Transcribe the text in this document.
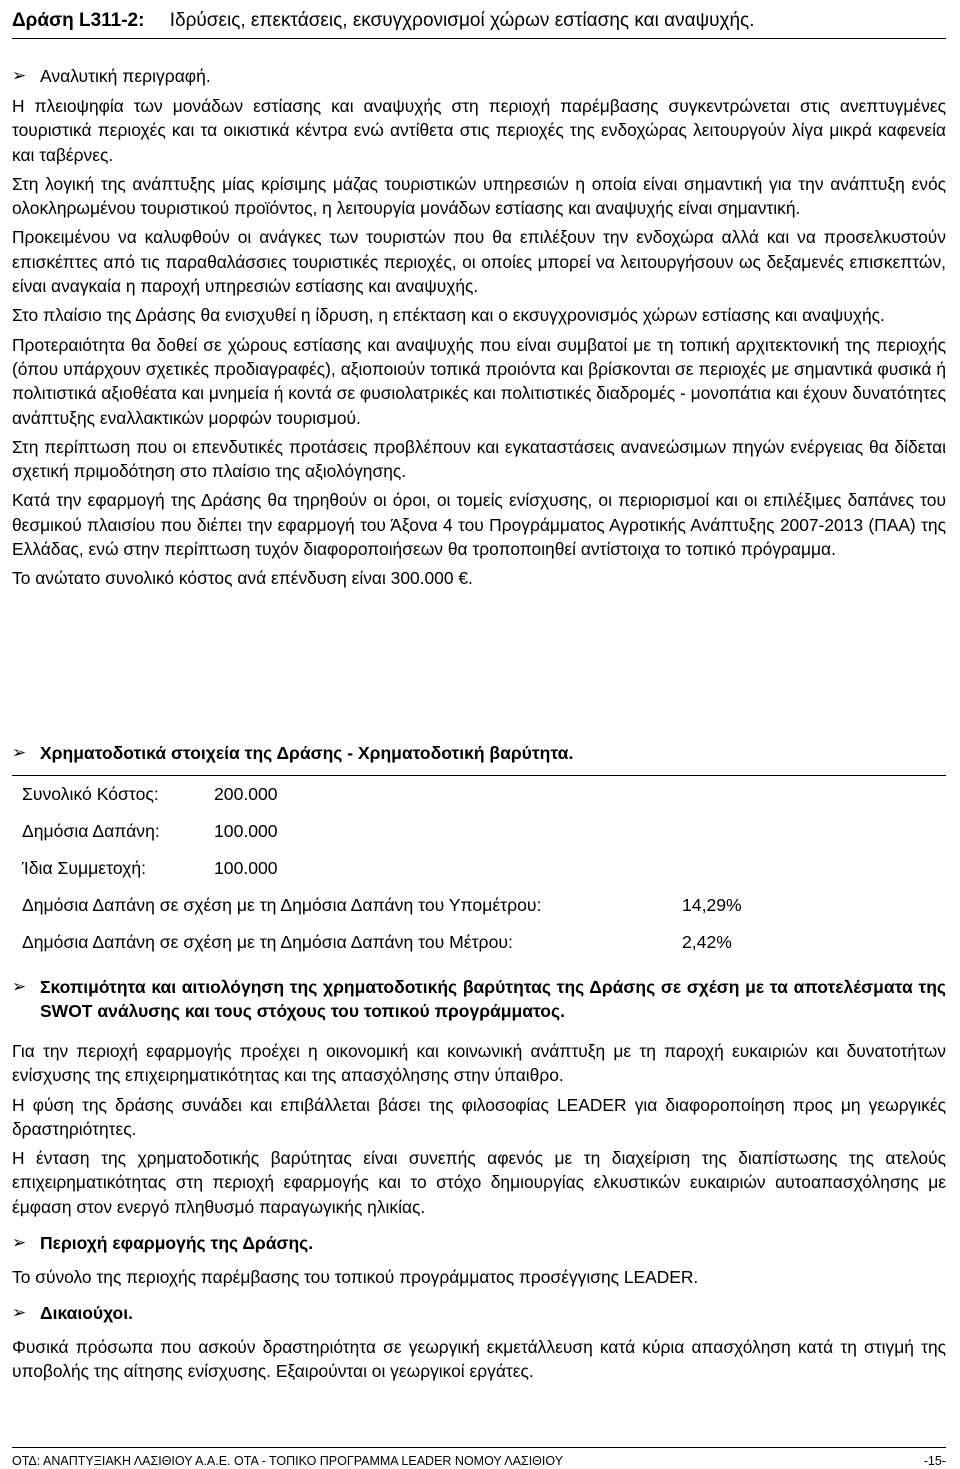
Δράση L311-2: Ιδρύσεις, επεκτάσεις, εκσυγχρονισμοί χώρων εστίασης και αναψυχής.
➢ Αναλυτική περιγραφή.

Η πλειοψηφία των μονάδων εστίασης και αναψυχής στη περιοχή παρέμβασης συγκεντρώνεται στις ανεπτυγμένες τουριστικά περιοχές και τα οικιστικά κέντρα ενώ αντίθετα στις περιοχές της ενδοχώρας λειτουργούν λίγα μικρά καφενεία και ταβέρνες.

Στη λογική της ανάπτυξης μίας κρίσιμης μάζας τουριστικών υπηρεσιών η οποία είναι σημαντική για την ανάπτυξη ενός ολοκληρωμένου τουριστικού προϊόντος, η λειτουργία μονάδων εστίασης και αναψυχής είναι σημαντική.

Προκειμένου να καλυφθούν οι ανάγκες των τουριστών που θα επιλέξουν την ενδοχώρα αλλά και να προσελκυστούν επισκέπτες από τις παραθαλάσσιες τουριστικές περιοχές, οι οποίες μπορεί να λειτουργήσουν ως δεξαμενές επισκεπτών, είναι αναγκαία η παροχή υπηρεσιών εστίασης και αναψυχής.

Στο πλαίσιο της Δράσης θα ενισχυθεί η ίδρυση, η επέκταση και ο εκσυγχρονισμός χώρων εστίασης και αναψυχής.

Προτεραιότητα θα δοθεί σε χώρους εστίασης και αναψυχής που είναι συμβατοί με τη τοπική αρχιτεκτονική της περιοχής (όπου υπάρχουν σχετικές προδιαγραφές), αξιοποιούν τοπικά προιόντα και βρίσκονται σε περιοχές με σημαντικά φυσικά ή πολιτιστικά αξιοθέατα και μνημεία ή κοντά σε φυσιολατρικές και πολιτιστικές διαδρομές - μονοπάτια και έχουν δυνατότητες ανάπτυξης εναλλακτικών μορφών τουρισμού.

Στη περίπτωση που οι επενδυτικές προτάσεις προβλέπουν και εγκαταστάσεις ανανεώσιμων πηγών ενέργειας θα δίδεται σχετική πριμοδότηση στο πλαίσιο της αξιολόγησης.

Κατά την εφαρμογή της Δράσης θα τηρηθούν οι όροι, οι τομείς ενίσχυσης, οι περιορισμοί και οι επιλέξιμες δαπάνες του θεσμικού πλαισίου που διέπει την εφαρμογή του Άξονα 4 του Προγράμματος Αγροτικής Ανάπτυξης 2007-2013 (ΠΑΑ) της Ελλάδας, ενώ στην περίπτωση τυχόν διαφοροποιήσεων θα τροποποιηθεί αντίστοιχα το τοπικό πρόγραμμα.

Το ανώτατο συνολικό κόστος ανά επένδυση είναι 300.000 €.

➢ Χρηματοδοτικά στοιχεία της Δράσης - Χρηματοδοτική βαρύτητα.
Συνολικό Κόστος:	200.000
Δημόσια Δαπάνη:	100.000
Ίδια Συμμετοχή:	100.000
Δημόσια Δαπάνη σε σχέση με τη Δημόσια Δαπάνη του Υπομέτρου:	14,29%
Δημόσια Δαπάνη σε σχέση με τη Δημόσια Δαπάνη του Μέτρου:	2,42%
➢ Σκοπιμότητα και αιτιολόγηση της χρηματοδοτικής βαρύτητας της Δράσης σε σχέση με τα αποτελέσματα της SWOT ανάλυσης και τους στόχους του τοπικού προγράμματος.

Για την περιοχή εφαρμογής προέχει η οικονομική και κοινωνική ανάπτυξη με τη παροχή ευκαιριών και δυνατοτήτων ενίσχυσης της επιχειρηματικότητας και της απασχόλησης στην ύπαιθρο.

Η φύση της δράσης συνάδει και επιβάλλεται βάσει της φιλοσοφίας LEADER για διαφοροποίηση προς μη γεωργικές δραστηριότητες.

Η ένταση της χρηματοδοτικής βαρύτητας είναι συνεπής αφενός με τη διαχείριση της διαπίστωσης της ατελούς επιχειρηματικότητας στη περιοχή εφαρμογής και το στόχο δημιουργίας ελκυστικών ευκαιριών αυτοαπασχόλησης με έμφαση στον ενεργό πληθυσμό παραγωγικής ηλικίας.

➢ Περιοχή εφαρμογής της Δράσης.

Το σύνολο της περιοχής παρέμβασης του τοπικού προγράμματος προσέγγισης LEADER.

➢ Δικαιούχοι.

Φυσικά πρόσωπα που ασκούν δραστηριότητα σε γεωργική εκμετάλλευση κατά κύρια απασχόληση κατά τη στιγμή της υποβολής της αίτησης ενίσχυσης. Εξαιρούνται οι γεωργικοί εργάτες.

ΟΤΔ: ΑΝΑΠΤΥΞΙΑΚΗ ΛΑΣΙΘΙΟΥ Α.Α.Ε. ΟΤΑ - ΤΟΠΙΚΟ ΠΡΟΓΡΑΜΜΑ LEADER ΝΟΜΟΥ ΛΑΣΙΘΙΟΥ	-15-
